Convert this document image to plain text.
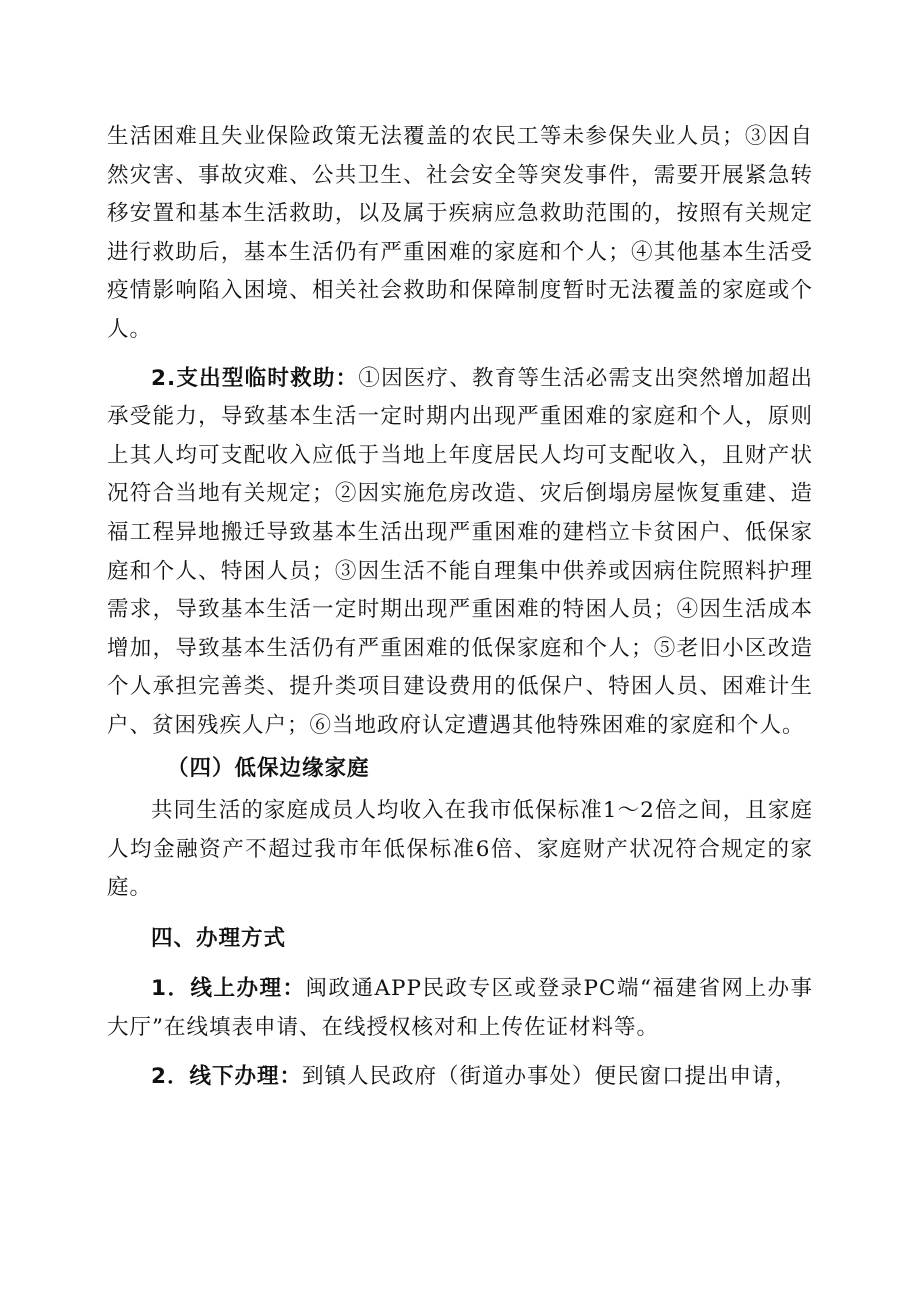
生活困难且失业保险政策无法覆盖的农民工等未参保失业人员；③因自然灾害、事故灾难、公共卫生、社会安全等突发事件，需要开展紧急转移安置和基本生活救助，以及属于疾病应急救助范围的，按照有关规定进行救助后，基本生活仍有严重困难的家庭和个人；④其他基本生活受疫情影响陷入困境、相关社会救助和保障制度暂时无法覆盖的家庭或个人。

2.支出型临时救助：①因医疗、教育等生活必需支出突然增加超出承受能力，导致基本生活一定时期内出现严重困难的家庭和个人，原则上其人均可支配收入应低于当地上年度居民人均可支配收入，且财产状况符合当地有关规定；②因实施危房改造、灾后倒塌房屋恢复重建、造福工程异地搬迁导致基本生活出现严重困难的建档立卡贫困户、低保家庭和个人、特困人员；③因生活不能自理集中供养或因病住院照料护理需求，导致基本生活一定时期出现严重困难的特困人员；④因生活成本增加，导致基本生活仍有严重困难的低保家庭和个人；⑤老旧小区改造个人承担完善类、提升类项目建设费用的低保户、特困人员、困难计生户、贫困残疾人户；⑥当地政府认定遭遇其他特殊困难的家庭和个人。

（四）低保边缘家庭

共同生活的家庭成员人均收入在我市低保标准1～2倍之间，且家庭人均金融资产不超过我市年低保标准6倍、家庭财产状况符合规定的家庭。

四、办理方式

1．线上办理：闽政通APP民政专区或登录PC端“福建省网上办事大厅”在线填表申请、在线授权核对和上传佐证材料等。

2．线下办理：到镇人民政府（街道办事处）便民窗口提出申请，
